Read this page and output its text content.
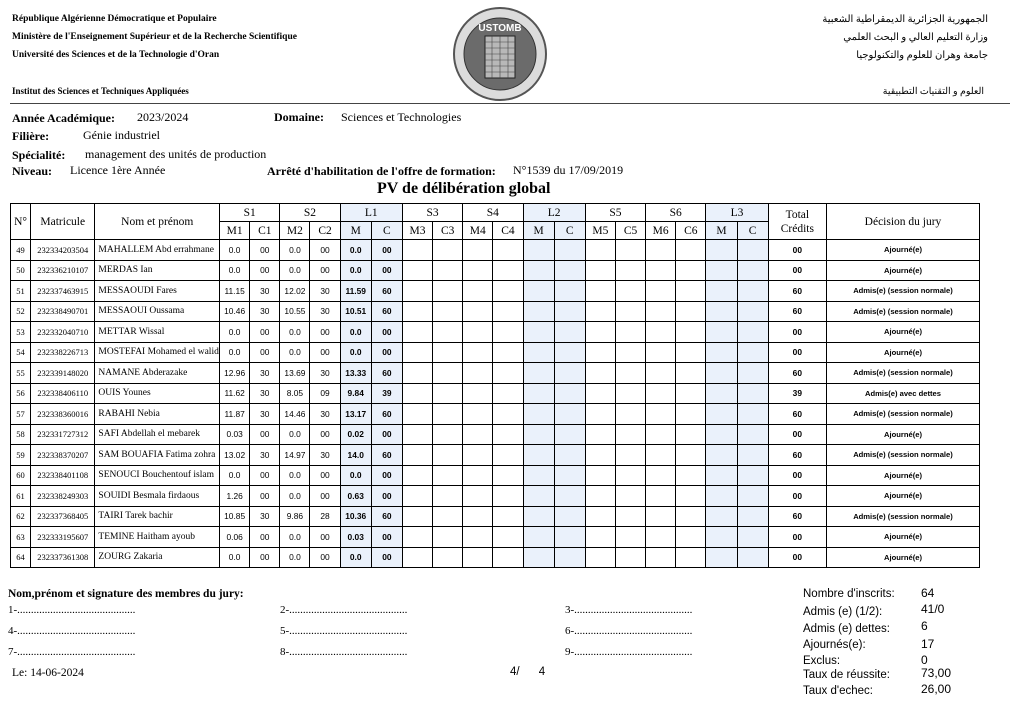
République Algérienne Démocratique et Populaire
Ministère de l'Enseignement Supérieur et de la Recherche Scientifique
Université des Sciences et de la Technologie d'Oran
Institut des Sciences et Techniques Appliquées
الجمهورية الجزائرية الديمقراطية الشعبية
وزارة التعليم العالي و البحث العلمي
جامعة وهران للعلوم والتكنولوجيا
العلوم و التقنيات التطبيقية
USTOMB
Année Académique: 2023/2024	Domaine: Sciences et Technologies
Filière:	Génie industriel
Spécialité: management des unités de production
Niveau: Licence 1ère Année	Arrêté d'habilitation de l'offre de formation: N°1539 du 17/09/2019
PV de délibération global
N°	Matricule	Nom et prénom	S1		S2		L1		S3		S4		L2		S5		S6		L3		Total Crédits	Décision du jury
			M1	C1	M2	C2	M	C	M3	C3	M4	C4	M	C	M5	C5	M6	C6	M	C		
49	232334203504	MAHALLEM Abd errahmane	0.0	00	0.0	00	0.0	00													00	Ajourné(e)
50	232336210107	MERDAS Ian	0.0	00	0.0	00	0.0	00													00	Ajourné(e)
51	232337463915	MESSAOUDI Fares	11.15	30	12.02	30	11.59	60													60	Admis(e) (session normale)
52	232338490701	MESSAOUI Oussama	10.46	30	10.55	30	10.51	60													60	Admis(e) (session normale)
53	232332040710	METTAR Wissal	0.0	00	0.0	00	0.0	00													00	Ajourné(e)
54	232338226713	MOSTEFAI Mohamed el walid	0.0	00	0.0	00	0.0	00													00	Ajourné(e)
55	232339148020	NAMANE Abderazake	12.96	30	13.69	30	13.33	60													60	Admis(e) (session normale)
56	232338406110	OUIS Younes	11.62	30	8.05	09	9.84	39													39	Admis(e) avec dettes
57	232338360016	RABAHI Nebia	11.87	30	14.46	30	13.17	60													60	Admis(e) (session normale)
58	232331727312	SAFI Abdellah el mebarek	0.03	00	0.0	00	0.02	00													00	Ajourné(e)
59	232338370207	SAM BOUAFIA Fatima zohra	13.02	30	14.97	30	14.0	60													60	Admis(e) (session normale)
60	232338401108	SENOUCI Bouchentouf islam	0.0	00	0.0	00	0.0	00													00	Ajourné(e)
61	232338249303	SOUIDI Besmala firdaous	1.26	00	0.0	00	0.63	00													00	Ajourné(e)
62	232337368405	TAIRI Tarek bachir	10.85	30	9.86	28	10.36	60													60	Admis(e) (session normale)
63	232333195607	TEMINE Haitham ayoub	0.06	00	0.0	00	0.03	00													00	Ajourné(e)
64	232337361308	ZOURG Zakaria	0.0	00	0.0	00	0.0	00													00	Ajourné(e)
Nom,prénom et signature des membres du jury:
1-...........................................	2-...........................................	3-...........................................
4-...........................................	5-...........................................	6-...........................................
7-...........................................	8-...........................................	9-...........................................
Le: 14-06-2024	4/      4
Nombre d'inscrits: 64
Admis (e) (1/2):	41/0
Admis (e) dettes:	6
Ajournés(e):	17
Exclus:	0
Taux de réussite:	73,00
Taux d'echec:	26,00
